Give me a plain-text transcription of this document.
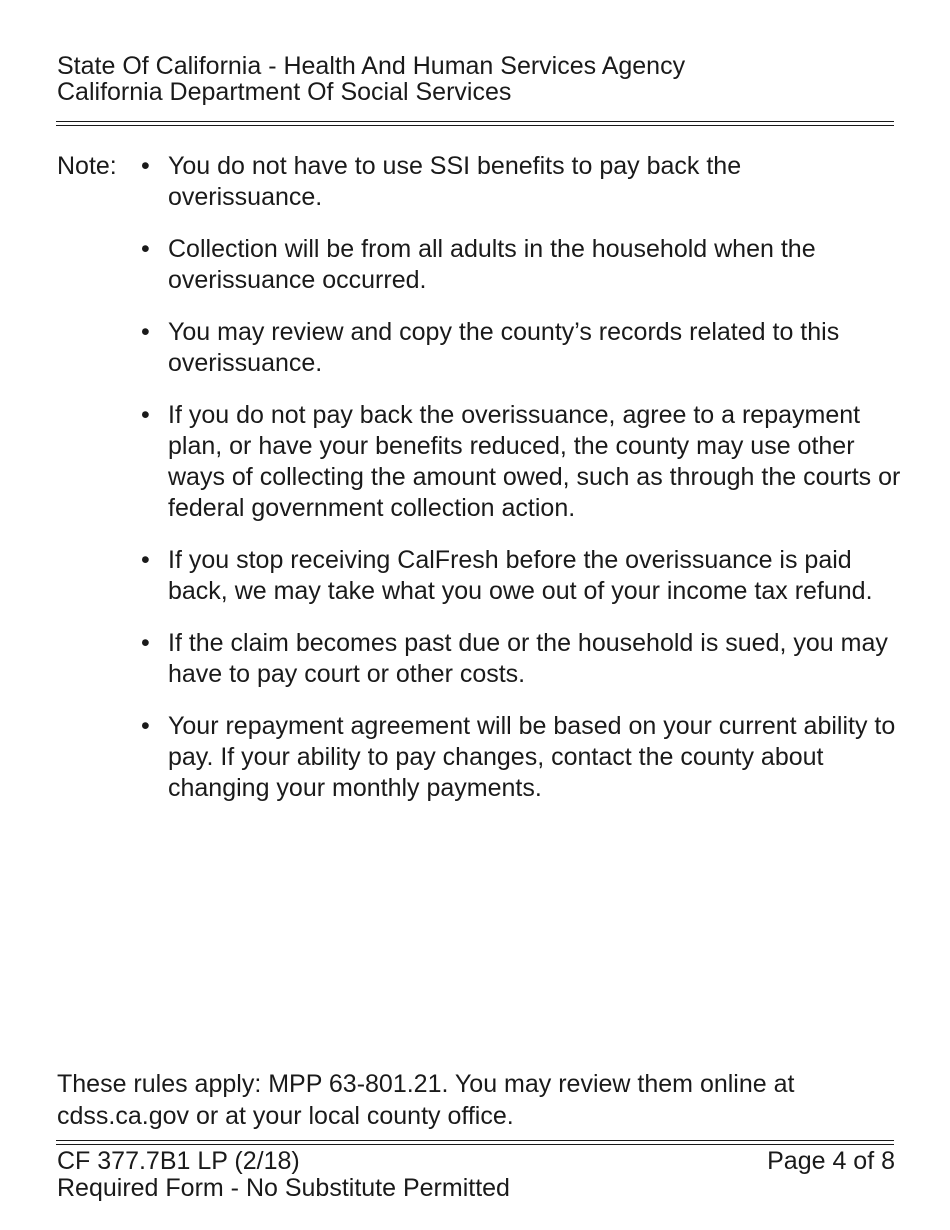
State Of California - Health And Human Services Agency
California Department Of Social Services
Note: • You do not have to use SSI benefits to pay back the overissuance.
• Collection will be from all adults in the household when the overissuance occurred.
• You may review and copy the county’s records related to this overissuance.
• If you do not pay back the overissuance, agree to a repayment plan, or have your benefits reduced, the county may use other ways of collecting the amount owed, such as through the courts or federal government collection action.
• If you stop receiving CalFresh before the overissuance is paid back, we may take what you owe out of your income tax refund.
• If the claim becomes past due or the household is sued, you may have to pay court or other costs.
• Your repayment agreement will be based on your current ability to pay. If your ability to pay changes, contact the county about changing your monthly payments.
These rules apply: MPP 63-801.21. You may review them online at cdss.ca.gov or at your local county office.
CF 377.7B1 LP (2/18)	Page 4 of 8
Required Form - No Substitute Permitted
